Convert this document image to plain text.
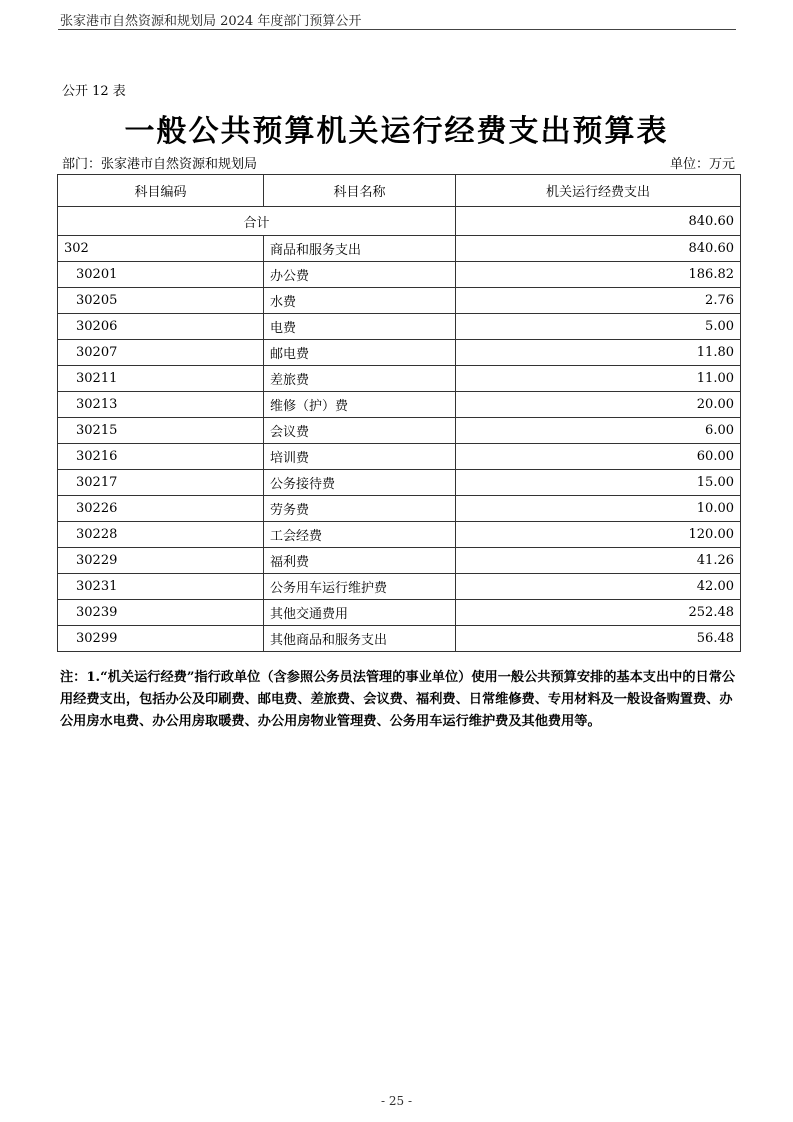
张家港市自然资源和规划局 2024 年度部门预算公开
公开 12 表
一般公共预算机关运行经费支出预算表
部门：张家港市自然资源和规划局	单位：万元
科目编码	科目名称	机关运行经费支出
合计		840.60
302	商品和服务支出	840.60
30201	办公费	186.82
30205	水费	2.76
30206	电费	5.00
30207	邮电费	11.80
30211	差旅费	11.00
30213	维修（护）费	20.00
30215	会议费	6.00
30216	培训费	60.00
30217	公务接待费	15.00
30226	劳务费	10.00
30228	工会经费	120.00
30229	福利费	41.26
30231	公务用车运行维护费	42.00
30239	其他交通费用	252.48
30299	其他商品和服务支出	56.48
注：1.“机关运行经费”指行政单位（含参照公务员法管理的事业单位）使用一般公共预算安排的基本支出中的日常公用经费支出，包括办公及印刷费、邮电费、差旅费、会议费、福利费、日常维修费、专用材料及一般设备购置费、办公用房水电费、办公用房取暖费、办公用房物业管理费、公务用车运行维护费及其他费用等。
- 25 -
